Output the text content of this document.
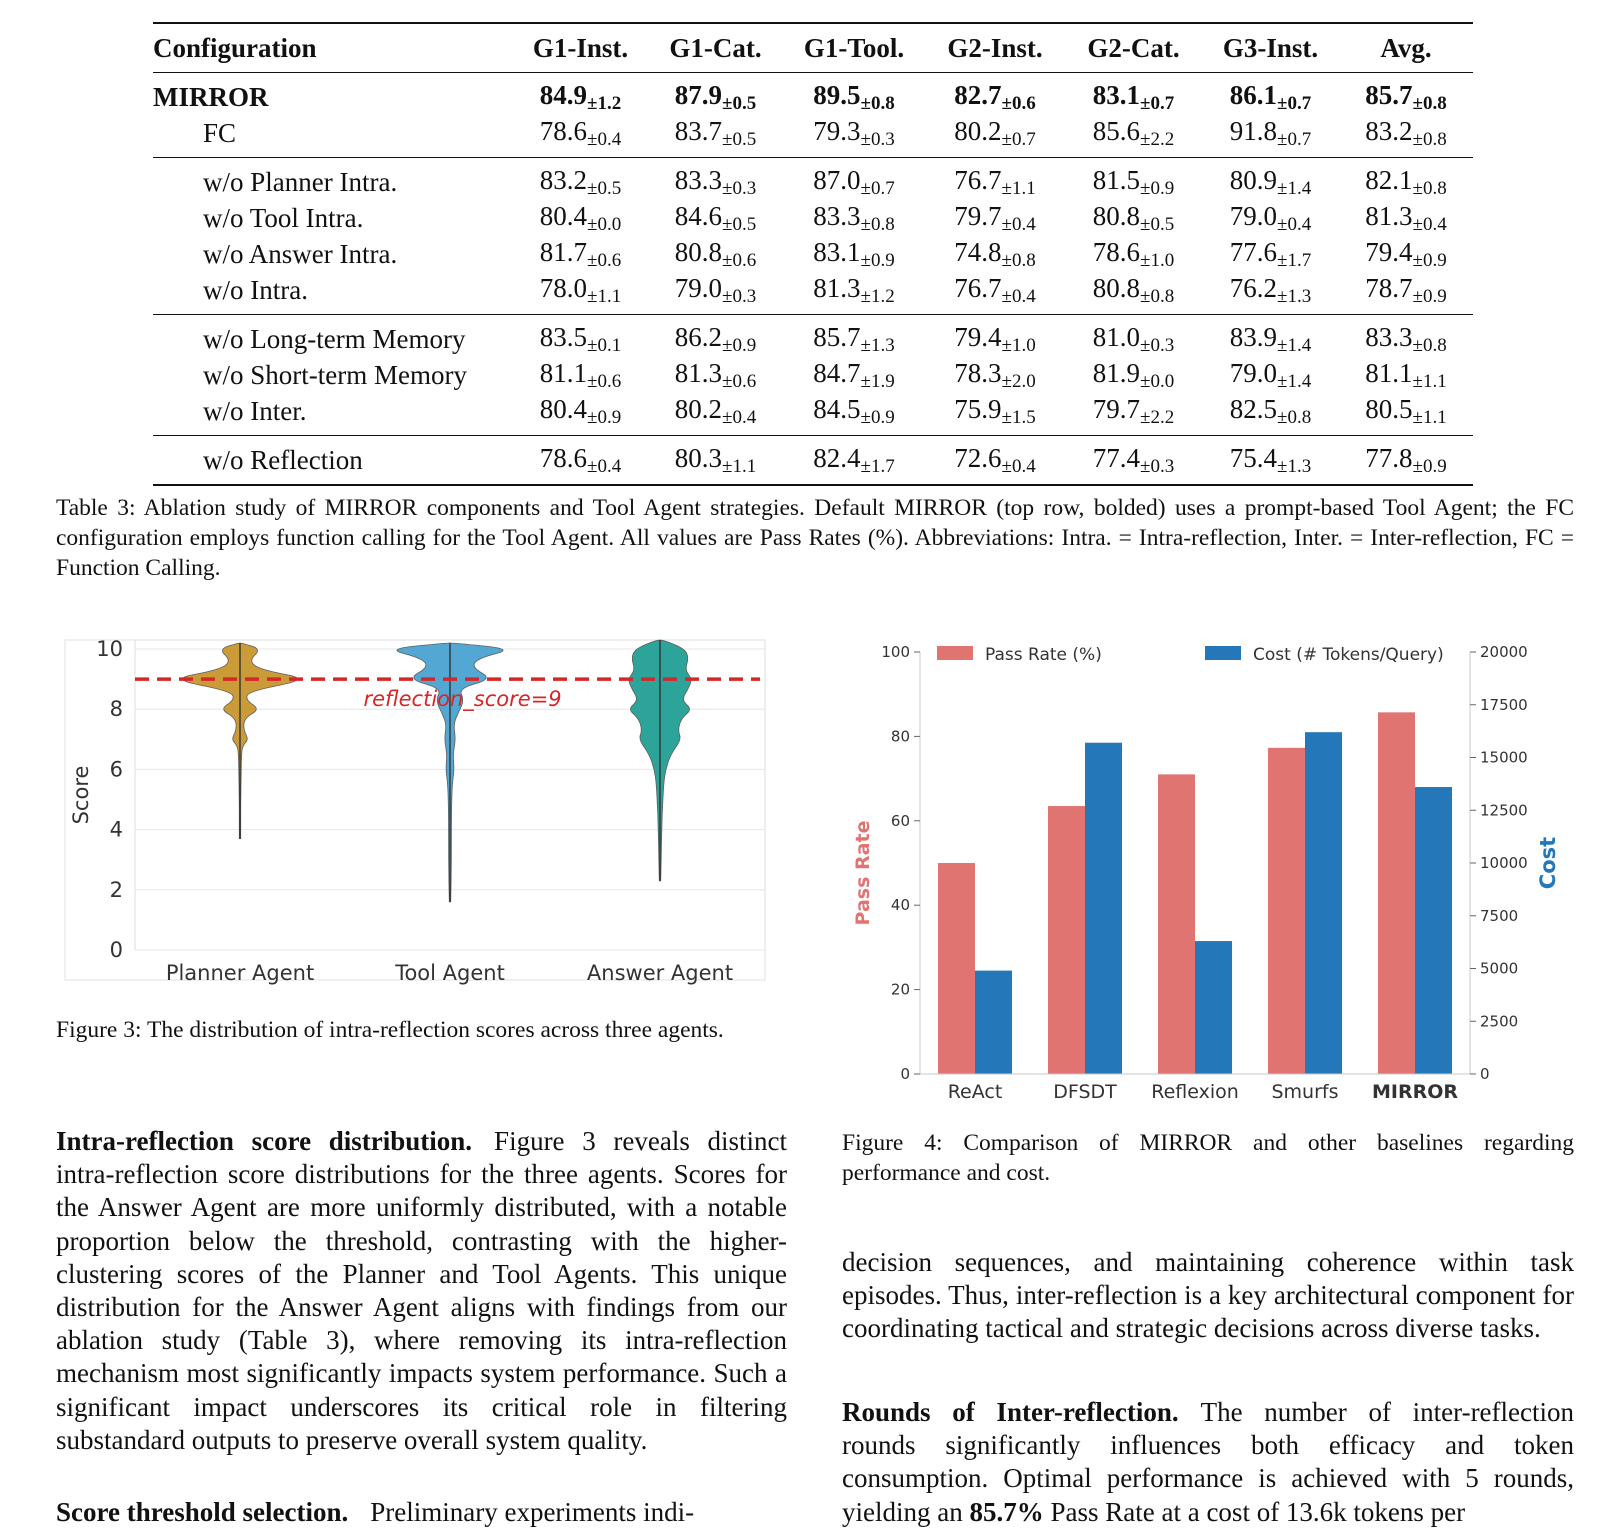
Configuration	G1-Inst.	G1-Cat.	G1-Tool.	G2-Inst.	G2-Cat.	G3-Inst.	Avg.
MIRROR	84.9±1.2	87.9±0.5	89.5±0.8	82.7±0.6	83.1±0.7	86.1±0.7	85.7±0.8
FC	78.6±0.4	83.7±0.5	79.3±0.3	80.2±0.7	85.6±2.2	91.8±0.7	83.2±0.8
w/o Planner Intra.	83.2±0.5	83.3±0.3	87.0±0.7	76.7±1.1	81.5±0.9	80.9±1.4	82.1±0.8
w/o Tool Intra.	80.4±0.0	84.6±0.5	83.3±0.8	79.7±0.4	80.8±0.5	79.0±0.4	81.3±0.4
w/o Answer Intra.	81.7±0.6	80.8±0.6	83.1±0.9	74.8±0.8	78.6±1.0	77.6±1.7	79.4±0.9
w/o Intra.	78.0±1.1	79.0±0.3	81.3±1.2	76.7±0.4	80.8±0.8	76.2±1.3	78.7±0.9
w/o Long-term Memory	83.5±0.1	86.2±0.9	85.7±1.3	79.4±1.0	81.0±0.3	83.9±1.4	83.3±0.8
w/o Short-term Memory	81.1±0.6	81.3±0.6	84.7±1.9	78.3±2.0	81.9±0.0	79.0±1.4	81.1±1.1
w/o Inter.	80.4±0.9	80.2±0.4	84.5±0.9	75.9±1.5	79.7±2.2	82.5±0.8	80.5±1.1
w/o Reflection	78.6±0.4	80.3±1.1	82.4±1.7	72.6±0.4	77.4±0.3	75.4±1.3	77.8±0.9
Table 3: Ablation study of MIRROR components and Tool Agent strategies. Default MIRROR (top row, bolded) uses a prompt-based Tool Agent; the FC configuration employs function calling for the Tool Agent. All values are Pass Rates (%). Abbreviations: Intra. = Intra-reflection, Inter. = Inter-reflection, FC = Function Calling.
0
2
4
6
8
10
Score
Planner Agent	Tool Agent	Answer Agent
reflection_score=9
Figure 3: The distribution of intra-reflection scores across three agents.
0
20
40
60
80
100
0
2500
5000
7500
10000
12500
15000
17500
20000
Pass Rate	Cost
ReAct	DFSDT Reflexion Smurfs MIRROR
Pass Rate (%)	Cost (# Tokens/Query)
Figure 4: Comparison of MIRROR and other baselines regarding performance and cost.
Intra-reflection score distribution. Figure 3 reveals distinct intra-reflection score distributions for the three agents. Scores for the Answer Agent are more uniformly distributed, with a notable proportion below the threshold, contrasting with the higher-clustering scores of the Planner and Tool Agents. This unique distribution for the Answer Agent aligns with findings from our ablation study (Table 3), where removing its intra-reflection mechanism most significantly impacts system performance. Such a significant impact underscores its critical role in filtering substandard outputs to preserve overall system quality.
Score threshold selection. Preliminary experiments indi-
decision sequences, and maintaining coherence within task episodes. Thus, inter-reflection is a key architectural component for coordinating tactical and strategic decisions across diverse tasks.
Rounds of Inter-reflection. The number of inter-reflection rounds significantly influences both efficacy and token consumption. Optimal performance is achieved with 5 rounds, yielding an 85.7% Pass Rate at a cost of 13.6k tokens per
